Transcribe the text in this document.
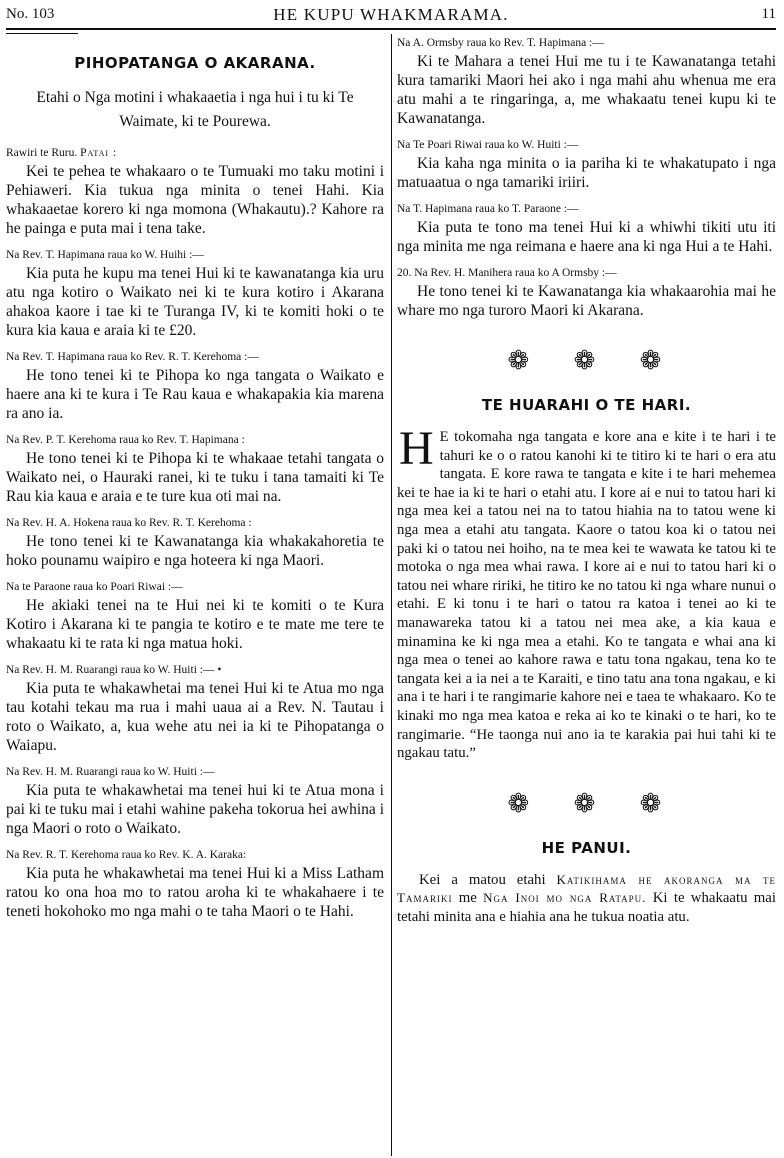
No. 103	HE KUPU WHAKMARAMA.	11
PIHOPATANGA O AKARANA.

Etahi o Nga motini i whakaaetia i nga hui i tu ki Te Waimate, ki te Pourewa.

Rawiri te Ruru. Patai :

Kei te pehea te whakaaro o te Tumuaki mo taku motini i Pehiaweri. Kia tukua nga minita o tenei Hahi. Kia whakaaetae korero ki nga momona (Whakautu).? Kahore ra he painga e puta mai i tena take.

Na Rev. T. Hapimana raua ko W. Huihi :—

Kia puta he kupu ma tenei Hui ki te kawanatanga kia uru atu nga kotiro o Waikato nei ki te kura kotiro i Akarana ahakoa kaore i tae ki te Turanga IV, ki te komiti hoki o te kura kia kaua e araia ki te £20.

Na Rev. T. Hapimana raua ko Rev. R. T. Kerehoma :—

He tono tenei ki te Pihopa ko nga tangata o Waikato e haere ana ki te kura i Te Rau kaua e whakapakia kia marena ra ano ia.

Na Rev. P. T. Kerehoma raua ko Rev. T. Hapimana :

He tono tenei ki te Pihopa ki te whakaae tetahi tangata o Waikato nei, o Hauraki ranei, ki te tuku i tana tamaiti ki Te Rau kia kaua e araia e te ture kua oti mai na.

Na Rev. H. A. Hokena raua ko Rev. R. T. Kerehoma :

He tono tenei ki te Kawanatanga kia whakakahoretia te hoko pounamu waipiro e nga hoteera ki nga Maori.

Na te Paraone raua ko Poari Riwai :—

He akiaki tenei na te Hui nei ki te komiti o te Kura Kotiro i Akarana ki te pangia te kotiro e te mate me tere te whakaatu ki te rata ki nga matua hoki.

Na Rev. H. M. Ruarangi raua ko W. Huiti :— •

Kia puta te whakawhetai ma tenei Hui ki te Atua mo nga tau kotahi tekau ma rua i mahi uaua ai a Rev. N. Tautau i roto o Waikato, a, kua wehe atu nei ia ki te Pihopatanga o Waiapu.

Na Rev. H. M. Ruarangi raua ko W. Huiti :—

Kia puta te whakawhetai ma tenei hui ki te Atua mona i pai ki te tuku mai i etahi wahine pakeha tokorua hei awhina i nga Maori o roto o Waikato.

Na Rev. R. T. Kerehoma raua ko Rev. K. A. Karaka:

Kia puta he whakawhetai ma tenei Hui ki a Miss Latham ratou ko ona hoa mo to ratou aroha ki te whakahaere i te teneti hokohoko mo nga mahi o te taha Maori o te Hahi.

Na A. Ormsby raua ko Rev. T. Hapimana :—

Ki te Mahara a tenei Hui me tu i te Kawanatanga tetahi kura tamariki Maori hei ako i nga mahi ahu whenua me era atu mahi a te ringaringa, a, me whakaatu tenei kupu ki te Kawanatanga.

Na Te Poari Riwai raua ko W. Huiti :—

Kia kaha nga minita o ia pariha ki te whakatupato i nga matuaatua o nga tamariki iriiri.

Na T. Hapimana raua ko T. Paraone :—

Kia puta te tono ma tenei Hui ki a whiwhi tikiti utu iti nga minita me nga reimana e haere ana ki nga Hui a te Hahi.

20. Na Rev. H. Manihera raua ko A Ormsby :—

He tono tenei ki te Kawanatanga kia whakaarohia mai he whare mo nga turoro Maori ki Akarana.

❁ ❁ ❁
TE HUARAHI O TE HARI.

H E tokomaha nga tangata e kore ana e kite i te hari i te tahuri ke o o ratou kanohi ki te titiro ki te hari o era atu tangata. E kore rawa te tangata e kite i te hari mehemea kei te hae ia ki te hari o etahi atu. I kore ai e nui to tatou hari ki nga mea kei a tatou nei na to tatou hiahia na to tatou wene ki nga mea a etahi atu tangata. Kaore o tatou koa ki o tatou nei paki ki o tatou nei hoiho, na te mea kei te wawata ke tatou ki te motoka o nga mea whai rawa. I kore ai e nui to tatou hari ki o tatou nei whare ririki, he titiro ke no tatou ki nga whare nunui o etahi. E ki tonu i te hari o tatou ra katoa i tenei ao ki te manawareka tatou ki a tatou nei mea ake, a kia kaua e minamina ke ki nga mea a etahi. Ko te tangata e whai ana ki nga mea o tenei ao kahore rawa e tatu tona ngakau, tena ko te tangata kei a ia nei a te Karaiti, e tino tatu ana tona ngakau, e ki ana i te hari i te rangimarie kahore nei e taea te whakaaro. Ko te kinaki mo nga mea katoa e reka ai ko te kinaki o te hari, ko te rangimarie. “He taonga nui ano ia te karakia pai hui tahi ki te ngakau tatu.”

❁ ❁ ❁
HE PANUI.

Kei a matou etahi Katikihama he akoranga ma te Tamariki me Nga Inoi mo nga Ratapu. Ki te whakaatu mai tetahi minita ana e hiahia ana he tukua noatia atu.
